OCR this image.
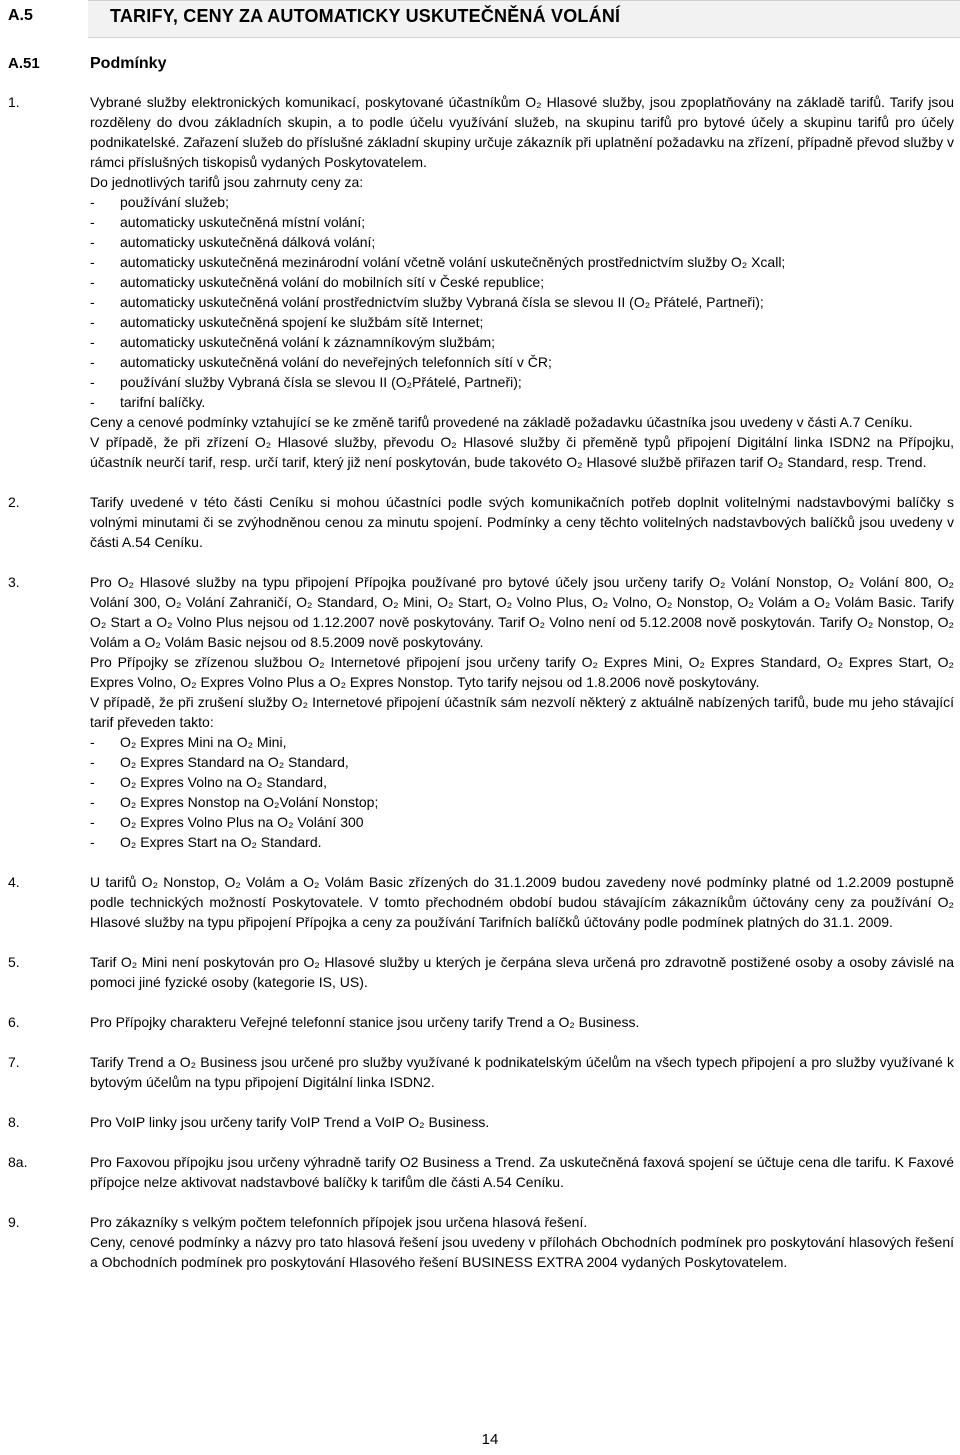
A.5	TARIFY, CENY ZA AUTOMATICKY USKUTEČNĚNÁ VOLÁNÍ
A.51	Podmínky
1.	Vybrané služby elektronických komunikací, poskytované účastníkům O₂ Hlasové služby, jsou zpoplatňovány na základě tarifů. Tarify jsou rozděleny do dvou základních skupin, a to podle účelu využívání služeb, na skupinu tarifů pro bytové účely a skupinu tarifů pro účely podnikatelské. Zařazení služeb do příslušné základní skupiny určuje zákazník při uplatnění požadavku na zřízení, případně převod služby v rámci příslušných tiskopisů vydaných Poskytovatelem.

Do jednotlivých tarifů jsou zahrnuty ceny za:

- používání služeb;
- automaticky uskutečněná místní volání;
- automaticky uskutečněná dálková volání;
- automaticky uskutečněná mezinárodní volání včetně volání uskutečněných prostřednictvím služby O₂ Xcall;
- automaticky uskutečněná volání do mobilních sítí v České republice;
- automaticky uskutečněná volání prostřednictvím služby Vybraná čísla se slevou II (O₂ Přátelé, Partneři);
- automaticky uskutečněná spojení ke službám sítě Internet;
- automaticky uskutečněná volání k záznamníkovým službám;
- automaticky uskutečněná volání do neveřejných telefonních sítí v ČR;
- používání služby Vybraná čísla se slevou II (O₂Přátelé, Partneři);
- tarifní balíčky.

Ceny a cenové podmínky vztahující se ke změně tarifů provedené na základě požadavku účastníka jsou uvedeny v části A.7 Ceníku.

V případě, že při zřízení O₂ Hlasové služby, převodu O₂ Hlasové služby či přeměně typů připojení Digitální linka ISDN2 na Přípojku, účastník neurčí tarif, resp. určí tarif, který již není poskytován, bude takovéto O₂ Hlasové službě přiřazen tarif O₂ Standard, resp. Trend.

2.	Tarify uvedené v této části Ceníku si mohou účastníci podle svých komunikačních potřeb doplnit volitelnými nadstavbovými balíčky s volnými minutami či se zvýhodněnou cenou za minutu spojení. Podmínky a ceny těchto volitelných nadstavbových balíčků jsou uvedeny v části A.54 Ceníku.

3.	Pro O₂ Hlasové služby na typu připojení Přípojka používané pro bytové účely jsou určeny tarify O₂ Volání Nonstop, O₂ Volání 800, O₂ Volání 300, O₂ Volání Zahraničí, O₂ Standard, O₂ Mini, O₂ Start, O₂ Volno Plus, O₂ Volno, O₂ Nonstop, O₂ Volám a O₂ Volám Basic. Tarify O₂ Start a O₂ Volno Plus nejsou od 1.12.2007 nově poskytovány. Tarif O₂ Volno není od 5.12.2008 nově poskytován. Tarify O₂ Nonstop, O₂ Volám a O₂ Volám Basic nejsou od 8.5.2009 nově poskytovány.

Pro Přípojky se zřízenou službou O₂ Internetové připojení jsou určeny tarify O₂ Expres Mini, O₂ Expres Standard, O₂ Expres Start, O₂ Expres Volno, O₂ Expres Volno Plus a O₂ Expres Nonstop. Tyto tarify nejsou od 1.8.2006 nově poskytovány.

V případě, že při zrušení služby O₂ Internetové připojení účastník sám nezvolí některý z aktuálně nabízených tarifů, bude mu jeho stávající tarif převeden takto:

- O₂ Expres Mini na O₂ Mini,
- O₂ Expres Standard na O₂ Standard,
- O₂ Expres Volno na O₂ Standard,
- O₂ Expres Nonstop na O₂Volání Nonstop;
- O₂ Expres Volno Plus na O₂ Volání 300
- O₂ Expres Start na O₂ Standard.
4.	U tarifů O₂ Nonstop, O₂ Volám a O₂ Volám Basic zřízených do 31.1.2009 budou zavedeny nové podmínky platné od 1.2.2009 postupně podle technických možností Poskytovatele. V tomto přechodném období budou stávajícím zákazníkům účtovány ceny za používání O₂ Hlasové služby na typu připojení Přípojka a ceny za používání Tarifních balíčků účtovány podle podmínek platných do 31.1. 2009.

5.	Tarif O₂ Mini není poskytován pro O₂ Hlasové služby u kterých je čerpána sleva určená pro zdravotně postižené osoby a osoby závislé na pomoci jiné fyzické osoby (kategorie IS, US).

6.	Pro Přípojky charakteru Veřejné telefonní stanice jsou určeny tarify Trend a O₂ Business.

7.	Tarify Trend a O₂ Business jsou určené pro služby využívané k podnikatelským účelům na všech typech připojení a pro služby využívané k bytovým účelům na typu připojení Digitální linka ISDN2.

8.	Pro VoIP linky jsou určeny tarify VoIP Trend a VoIP O₂ Business.

8a.	Pro Faxovou přípojku jsou určeny výhradně tarify O2 Business a Trend. Za uskutečněná faxová spojení se účtuje cena dle tarifu. K Faxové přípojce nelze aktivovat nadstavbové balíčky k tarifům dle části A.54 Ceníku.

9.	Pro zákazníky s velkým počtem telefonních přípojek jsou určena hlasová řešení.

Ceny, cenové podmínky a názvy pro tato hlasová řešení jsou uvedeny v přílohách Obchodních podmínek pro poskytování hlasových řešení a Obchodních podmínek pro poskytování Hlasového řešení BUSINESS EXTRA 2004 vydaných Poskytovatelem.

14
